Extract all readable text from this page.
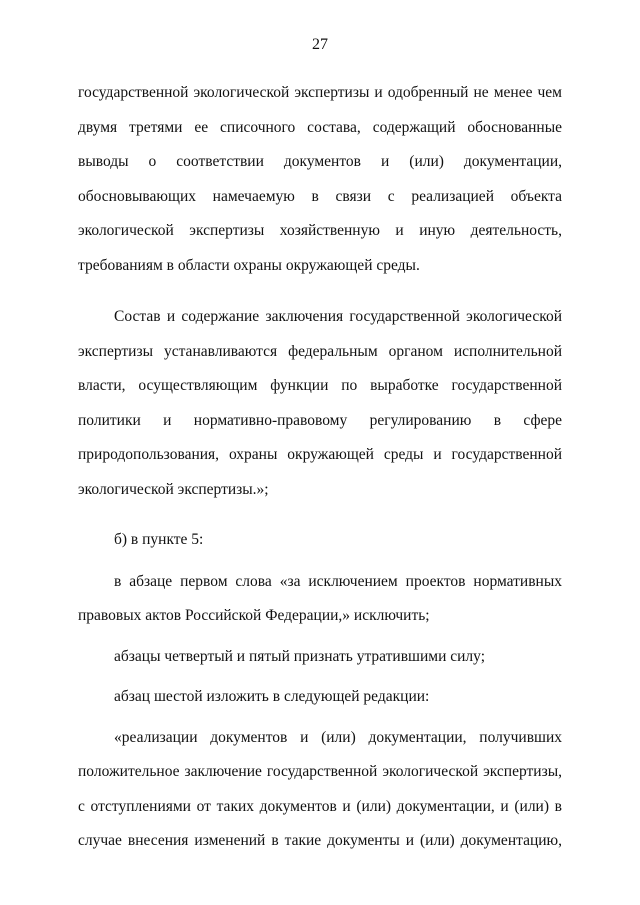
27

государственной экологической экспертизы и одобренный не менее чем двумя третями ее списочного состава, содержащий обоснованные выводы о соответствии документов и (или) документации, обосновывающих намечаемую в связи с реализацией объекта экологической экспертизы хозяйственную и иную деятельность, требованиям в области охраны окружающей среды.

Состав и содержание заключения государственной экологической экспертизы устанавливаются федеральным органом исполнительной власти, осуществляющим функции по выработке государственной политики и нормативно-правовому регулированию в сфере природопользования, охраны окружающей среды и государственной экологической экспертизы.»;

б) в пункте 5:

в абзаце первом слова «за исключением проектов нормативных правовых актов Российской Федерации,» исключить;

абзацы четвертый и пятый признать утратившими силу;

абзац шестой изложить в следующей редакции:

«реализации документов и (или) документации, получивших положительное заключение государственной экологической экспертизы, с отступлениями от таких документов и (или) документации, и (или) в случае внесения изменений в такие документы и (или) документацию,
